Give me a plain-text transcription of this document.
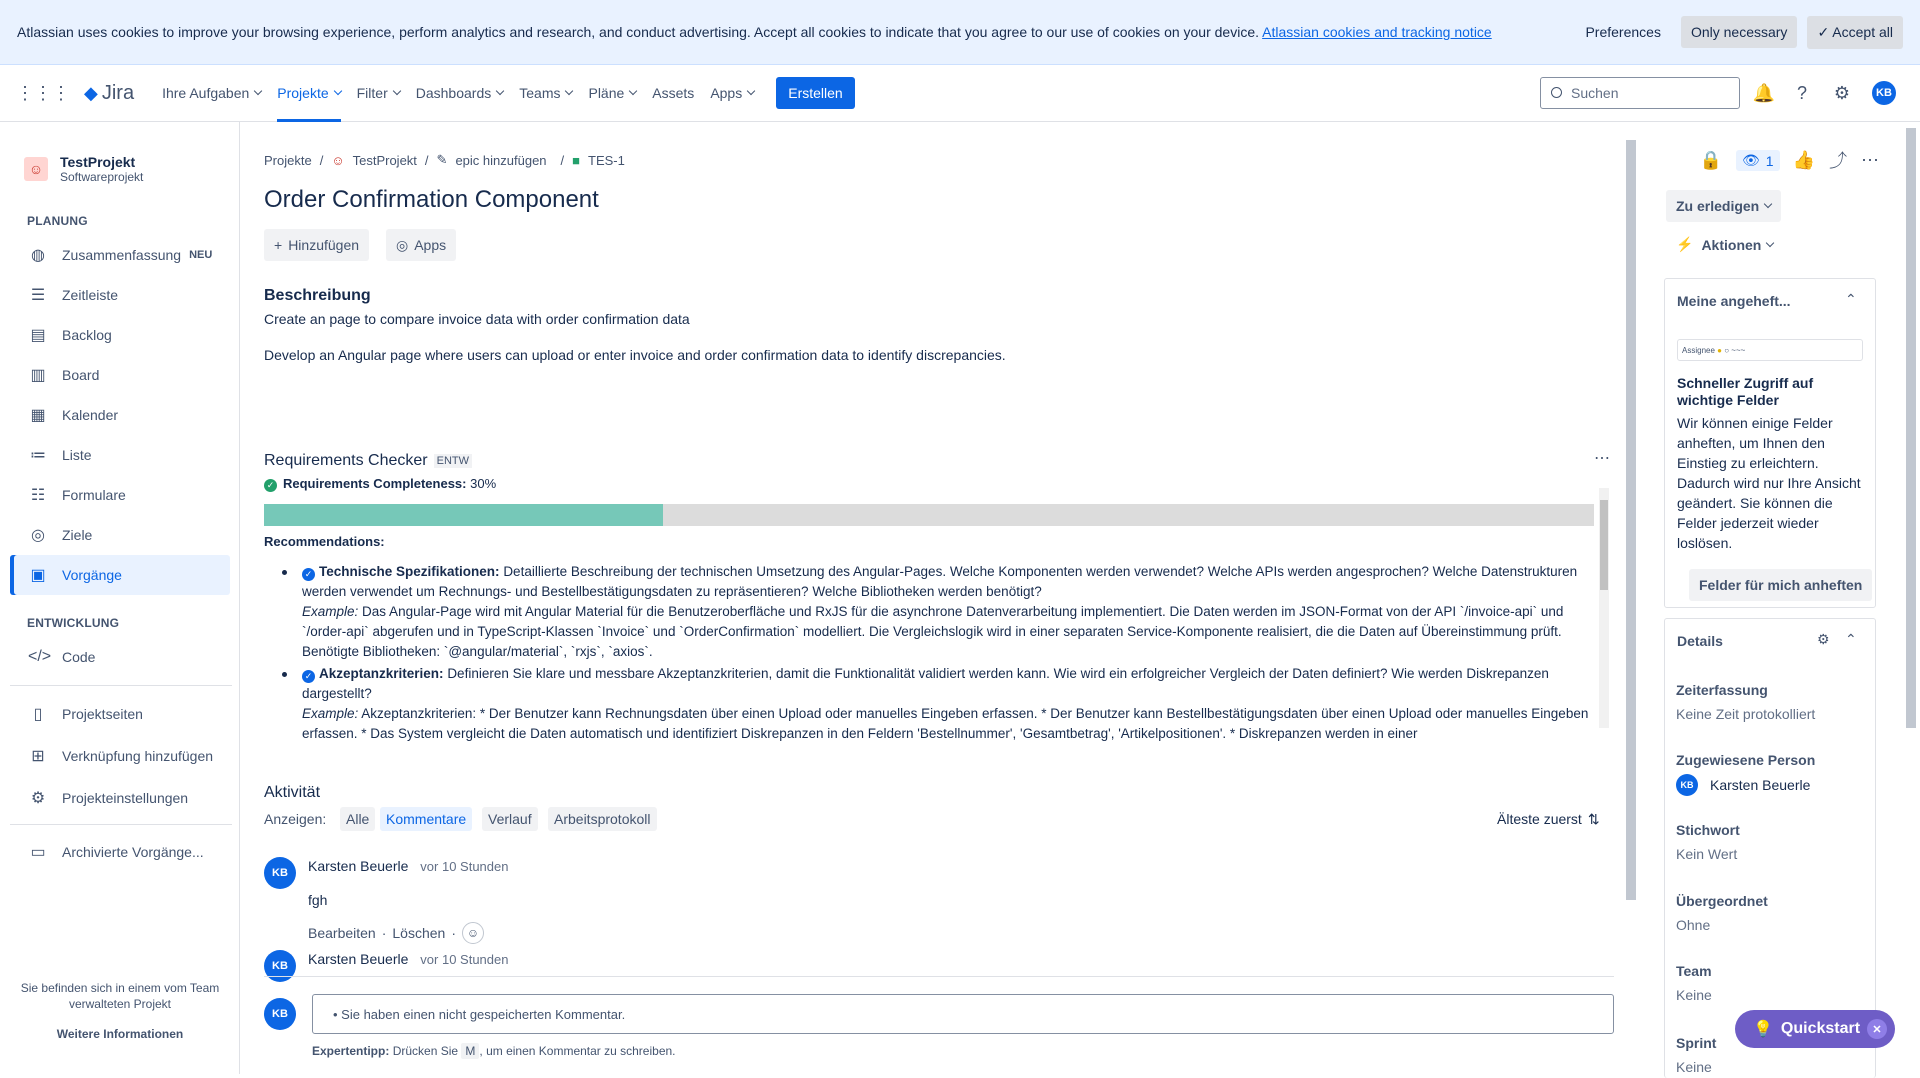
Atlassian uses cookies to improve your browsing experience, perform analytics and research, and conduct advertising. Accept all cookies to indicate that you agree to our use of cookies on your device. Atlassian cookies and tracking notice	Preferences	Only necessary	✓ Accept all
⋮⋮⋮ ◆ Jira Ihre Aufgaben Projekte Filter Dashboards Teams Pläne Assets Apps	Erstellen	Suchen	🔔	?	⚙	KB
☺	TestProjekt
Softwareprojekt
PLANUNG
◍ Zusammenfassung NEU
☰ Zeitleiste
▤ Backlog
▥ Board
▦ Kalender
≔ Liste
☷ Formulare
◎ Ziele
▣ Vorgänge
ENTWICKLUNG
</> Code
▯	Projektseiten
⊞ Verknüpfung hinzufügen
⚙ Projekteinstellungen
▭ Archivierte Vorgänge...
Sie befinden sich in einem vom Team verwalteten Projekt
Weitere Informationen
Projekte / ☺ TestProjekt / ✎ epic hinzufügen / ■ TES-1
Order Confirmation Component
+ Hinzufügen	◎ Apps
Beschreibung
Create an page to compare invoice data with order confirmation data
Develop an Angular page where users can upload or enter invoice and order confirmation data to identify discrepancies.
Requirements Checker ENTW	⋯
✓ Requirements Completeness: 30%
Recommendations:
✓ Technische Spezifikationen: Detaillierte Beschreibung der technischen Umsetzung des Angular-Pages. Welche Komponenten werden verwendet? Welche APIs werden angesprochen? Welche Datenstrukturen werden verwendet um Rechnungs- und Bestellbestätigungsdaten zu repräsentieren? Welche Bibliotheken werden benötigt?
Example: Das Angular-Page wird mit Angular Material für die Benutzeroberfläche und RxJS für die asynchrone Datenverarbeitung implementiert. Die Daten werden im JSON-Format von der API `/invoice-api` und `/order-api` abgerufen und in TypeScript-Klassen `Invoice` und `OrderConfirmation` modelliert. Die Vergleichslogik wird in einer separaten Service-Komponente realisiert, die die Daten auf Übereinstimmung prüft. Benötigte Bibliotheken: `@angular/material`, `rxjs`, `axios`.
✓ Akzeptanzkriterien: Definieren Sie klare und messbare Akzeptanzkriterien, damit die Funktionalität validiert werden kann. Wie wird ein erfolgreicher Vergleich der Daten definiert? Wie werden Diskrepanzen dargestellt?
Example: Akzeptanzkriterien: * Der Benutzer kann Rechnungsdaten über einen Upload oder manuelles Eingeben erfassen. * Der Benutzer kann Bestellbestätigungsdaten über einen Upload oder manuelles Eingeben erfassen. * Das System vergleicht die Daten automatisch und identifiziert Diskrepanzen in den Feldern 'Bestellnummer', 'Gesamtbetrag', 'Artikelpositionen'. * Diskrepanzen werden in einer
Aktivität
Anzeigen:	Alle	Kommentare	Verlauf	Arbeitsprotokoll	Älteste zuerst ⇅
KB	Karsten Beuerle vor 10 Stunden
fgh
Bearbeiten · Löschen · ☺
KB	Karsten Beuerle vor 10 Stunden
KB	• Sie haben einen nicht gespeicherten Kommentar.
Expertentipp: Drücken Sie M , um einen Kommentar zu schreiben.
🔒 👁 1 👍 ⤴ ⋯
Zu erledigen
⚡ Aktionen
Meine angeheft...	⌃
Assignee ● ○ ~~~
Schneller Zugriff auf wichtige Felder
Wir können einige Felder anheften, um Ihnen den Einstieg zu erleichtern. Dadurch wird nur Ihre Ansicht geändert. Sie können die Felder jederzeit wieder loslösen.
Felder für mich anheften
Details	⚙ ⌃
Zeiterfassung
Keine Zeit protokolliert
Zugewiesene Person
KB	Karsten Beuerle
Stichwort
Kein Wert
Übergeordnet
Ohne
Team
Keine
Sprint
Keine
💡 Quickstart	✕
